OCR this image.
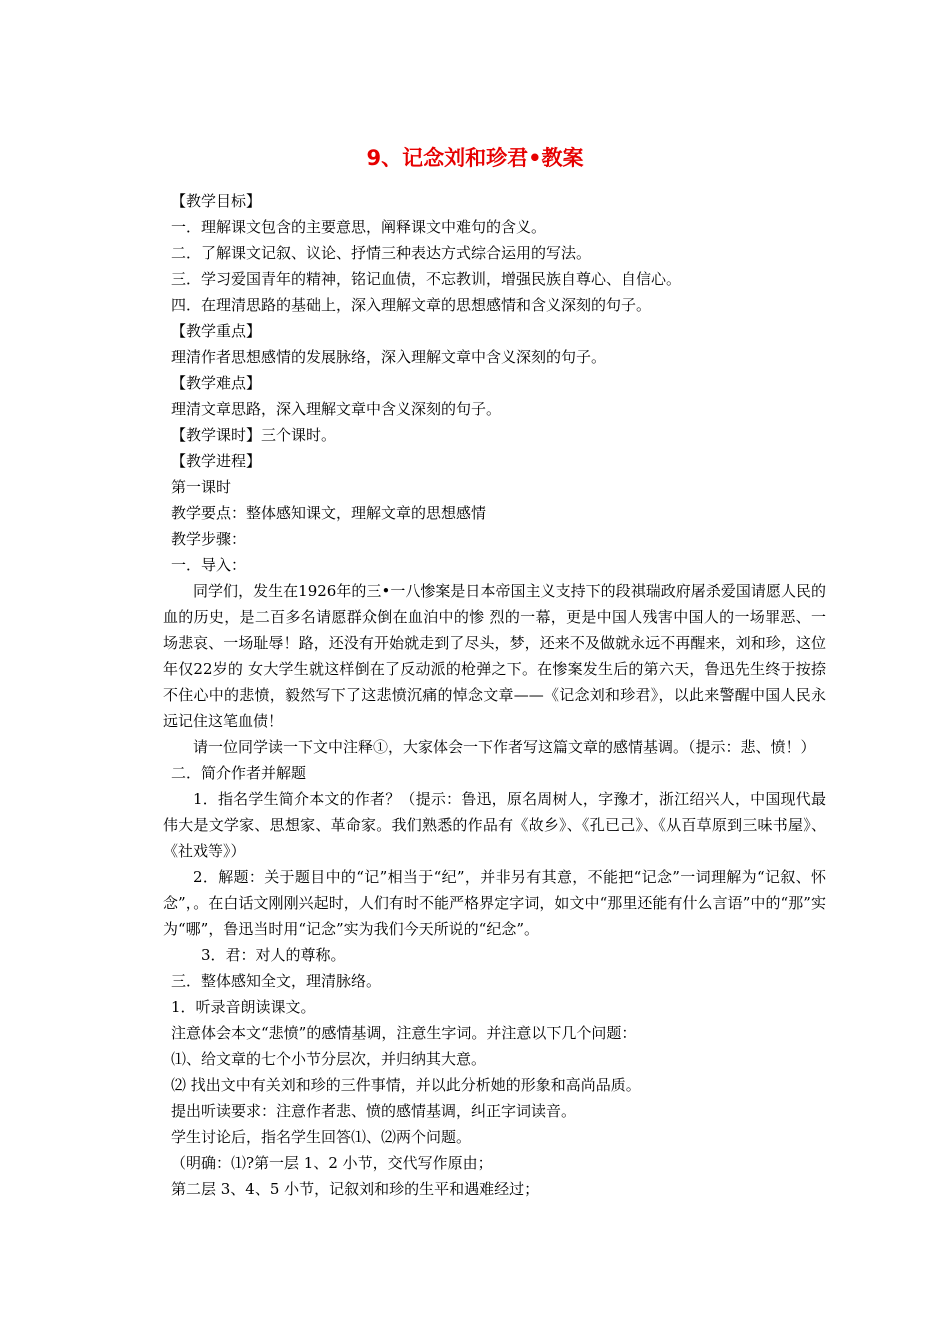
9、记念刘和珍君•教案

【教学目标】

一．理解课文包含的主要意思，阐释课文中难句的含义。

二．了解课文记叙、议论、抒情三种表达方式综合运用的写法。

三．学习爱国青年的精神，铭记血债，不忘教训，增强民族自尊心、自信心。

四．在理清思路的基础上，深入理解文章的思想感情和含义深刻的句子。

【教学重点】

理清作者思想感情的发展脉络，深入理解文章中含义深刻的句子。

【教学难点】

理清文章思路，深入理解文章中含义深刻的句子。

【教学课时】三个课时。

【教学进程】

第一课时

教学要点：整体感知课文，理解文章的思想感情

教学步骤：

一．导入：

同学们，发生在1926年的三•一八惨案是日本帝国主义支持下的段祺瑞政府屠杀爱国请愿人民的血的历史，是二百多名请愿群众倒在血泊中的惨 烈的一幕，更是中国人残害中国人的一场罪恶、一场悲哀、一场耻辱！路，还没有开始就走到了尽头，梦，还来不及做就永远不再醒来，刘和珍，这位年仅22岁的 女大学生就这样倒在了反动派的枪弹之下。在惨案发生后的第六天，鲁迅先生终于按捺不住心中的悲愤，毅然写下了这悲愤沉痛的悼念文章——《记念刘和珍君》，以此来警醒中国人民永远记住这笔血债！

请一位同学读一下文中注释①，大家体会一下作者写这篇文章的感情基调。（提示：悲、愤！）

二．简介作者并解题

1．指名学生简介本文的作者？（提示：鲁迅，原名周树人，字豫才，浙江绍兴人，中国现代最伟大是文学家、思想家、革命家。我们熟悉的作品有《故乡》、《孔已己》、《从百草原到三味书屋》、《社戏等》）

2．解题：关于题目中的“记”相当于“纪”，并非另有其意，不能把“记念”一词理解为“记叙、怀念”，。在白话文刚刚兴起时，人们有时不能严格界定字词，如文中“那里还能有什么言语”中的“那”实为“哪”，鲁迅当时用“记念”实为我们今天所说的“纪念”。

3．君：对人的尊称。

三．整体感知全文，理清脉络。

1．听录音朗读课文。

注意体会本文“悲愤”的感情基调，注意生字词。并注意以下几个问题：

⑴、给文章的七个小节分层次，并归纳其大意。

⑵ 找出文中有关刘和珍的三件事情，并以此分析她的形象和高尚品质。

提出听读要求：注意作者悲、愤的感情基调，纠正字词读音。

学生讨论后，指名学生回答⑴、⑵两个问题。

（明确：⑴?第一层 1、2 小节，交代写作原由；

第二层 3、4、5 小节，记叙刘和珍的生平和遇难经过；
